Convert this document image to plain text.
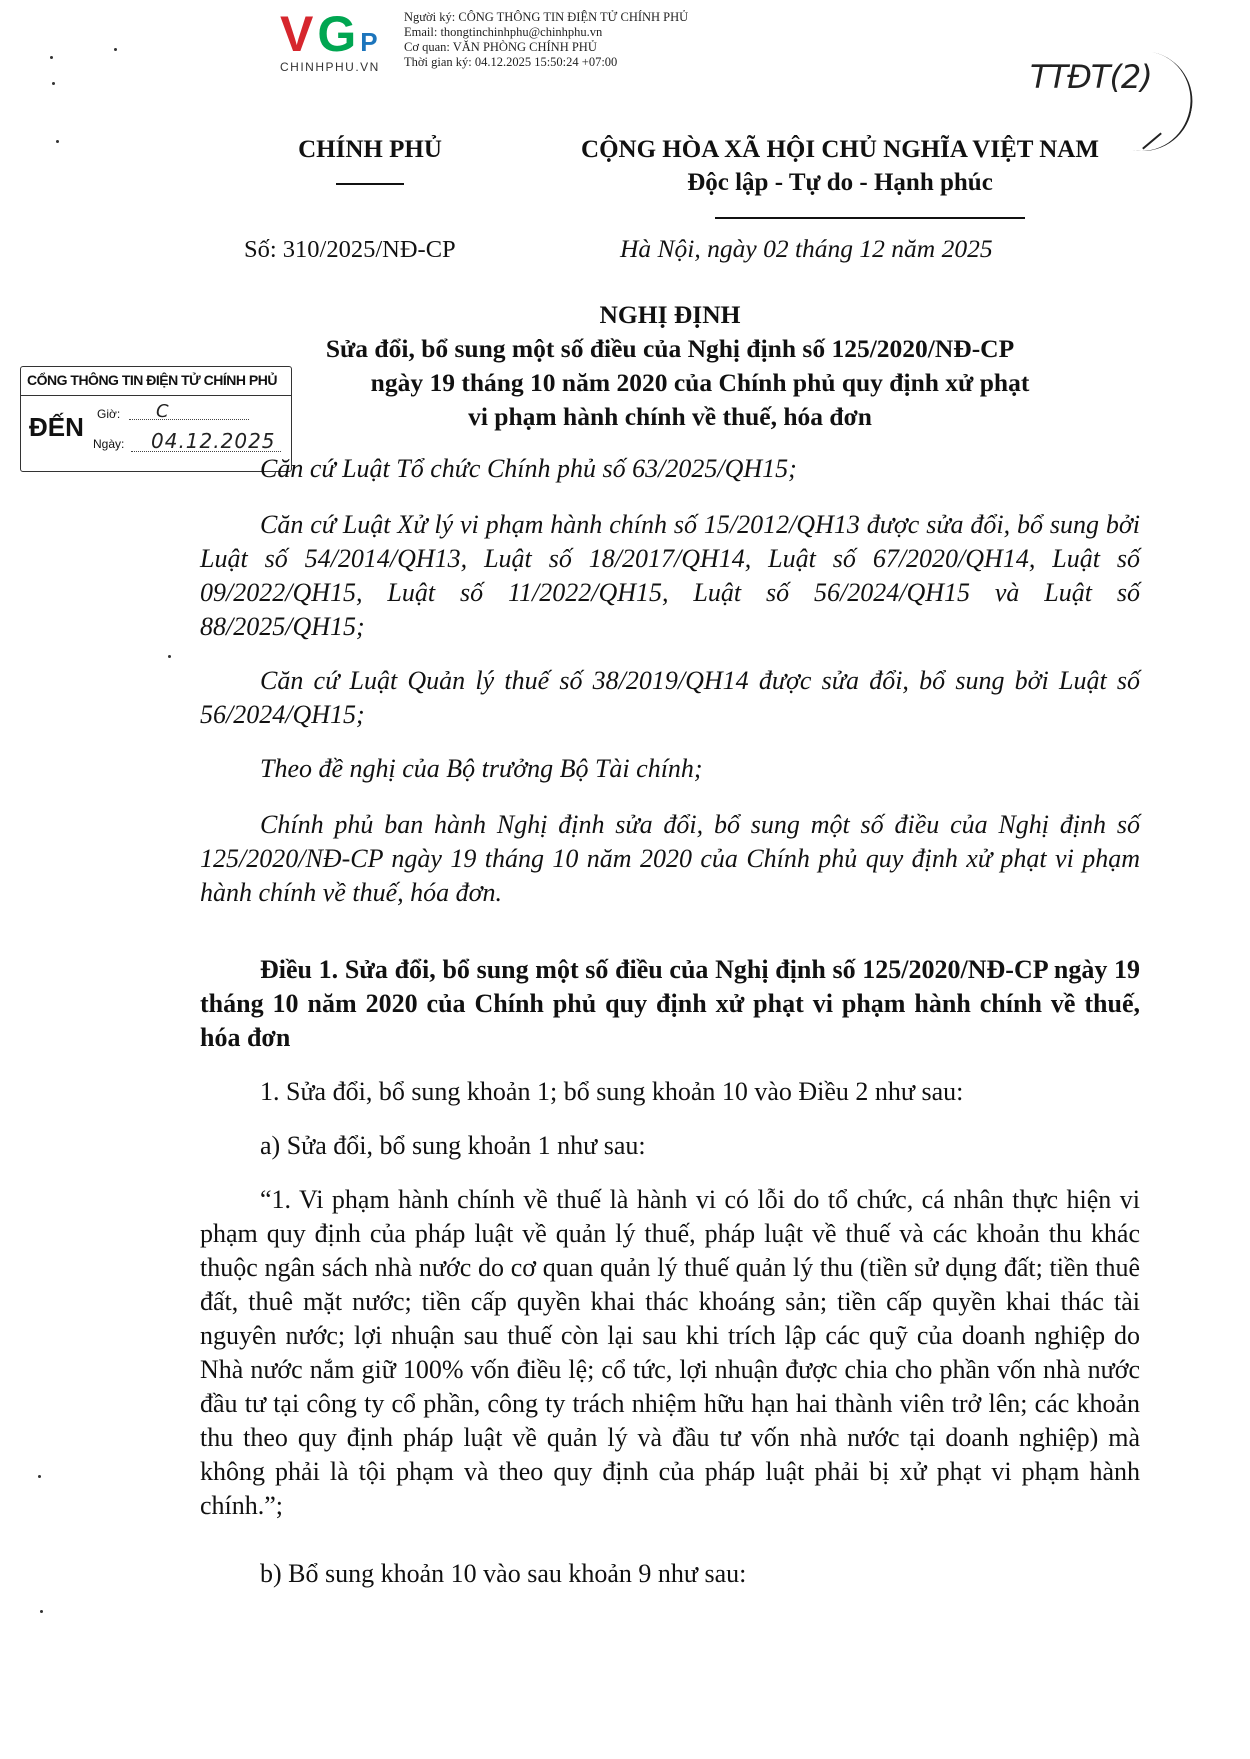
VGP
CHINHPHU.VN
Người ký: CÔNG THÔNG TIN ĐIỆN TỬ CHÍNH PHỦ
Email: thongtinchinhphu@chinhphu.vn
Cơ quan: VĂN PHÒNG CHÍNH PHỦ
Thời gian ký: 04.12.2025 15:50:24 +07:00	TTĐT(2)
CHÍNH PHỦ	CỘNG HÒA XÃ HỘI CHỦ NGHĨA VIỆT NAM
Độc lập - Tự do - Hạnh phúc
Số: 310/2025/NĐ-CP	Hà Nội, ngày 02 tháng 12 năm 2025
NGHỊ ĐỊNH
Sửa đổi, bổ sung một số điều của Nghị định số 125/2020/NĐ-CP
ngày 19 tháng 10 năm 2020 của Chính phủ quy định xử phạt
vi phạm hành chính về thuế, hóa đơn
CỔNG THÔNG TIN ĐIỆN TỬ CHÍNH PHỦ
ĐẾN Giờ: C
Ngày: 04.12.2025
Căn cứ Luật Tổ chức Chính phủ số 63/2025/QH15;
Căn cứ Luật Xử lý vi phạm hành chính số 15/2012/QH13 được sửa đổi, bổ sung bởi Luật số 54/2014/QH13, Luật số 18/2017/QH14, Luật số 67/2020/QH14, Luật số 09/2022/QH15, Luật số 11/2022/QH15, Luật số 56/2024/QH15 và Luật số 88/2025/QH15;
Căn cứ Luật Quản lý thuế số 38/2019/QH14 được sửa đổi, bổ sung bởi Luật số 56/2024/QH15;
Theo đề nghị của Bộ trưởng Bộ Tài chính;
Chính phủ ban hành Nghị định sửa đổi, bổ sung một số điều của Nghị định số 125/2020/NĐ-CP ngày 19 tháng 10 năm 2020 của Chính phủ quy định xử phạt vi phạm hành chính về thuế, hóa đơn.
Điều 1. Sửa đổi, bổ sung một số điều của Nghị định số 125/2020/NĐ-CP ngày 19 tháng 10 năm 2020 của Chính phủ quy định xử phạt vi phạm hành chính về thuế, hóa đơn
1. Sửa đổi, bổ sung khoản 1; bổ sung khoản 10 vào Điều 2 như sau:
a) Sửa đổi, bổ sung khoản 1 như sau:
“1. Vi phạm hành chính về thuế là hành vi có lỗi do tổ chức, cá nhân thực hiện vi phạm quy định của pháp luật về quản lý thuế, pháp luật về thuế và các khoản thu khác thuộc ngân sách nhà nước do cơ quan quản lý thuế quản lý thu (tiền sử dụng đất; tiền thuê đất, thuê mặt nước; tiền cấp quyền khai thác khoáng sản; tiền cấp quyền khai thác tài nguyên nước; lợi nhuận sau thuế còn lại sau khi trích lập các quỹ của doanh nghiệp do Nhà nước nắm giữ 100% vốn điều lệ; cổ tức, lợi nhuận được chia cho phần vốn nhà nước đầu tư tại công ty cổ phần, công ty trách nhiệm hữu hạn hai thành viên trở lên; các khoản thu theo quy định pháp luật về quản lý và đầu tư vốn nhà nước tại doanh nghiệp) mà không phải là tội phạm và theo quy định của pháp luật phải bị xử phạt vi phạm hành chính.”;
b) Bổ sung khoản 10 vào sau khoản 9 như sau:
